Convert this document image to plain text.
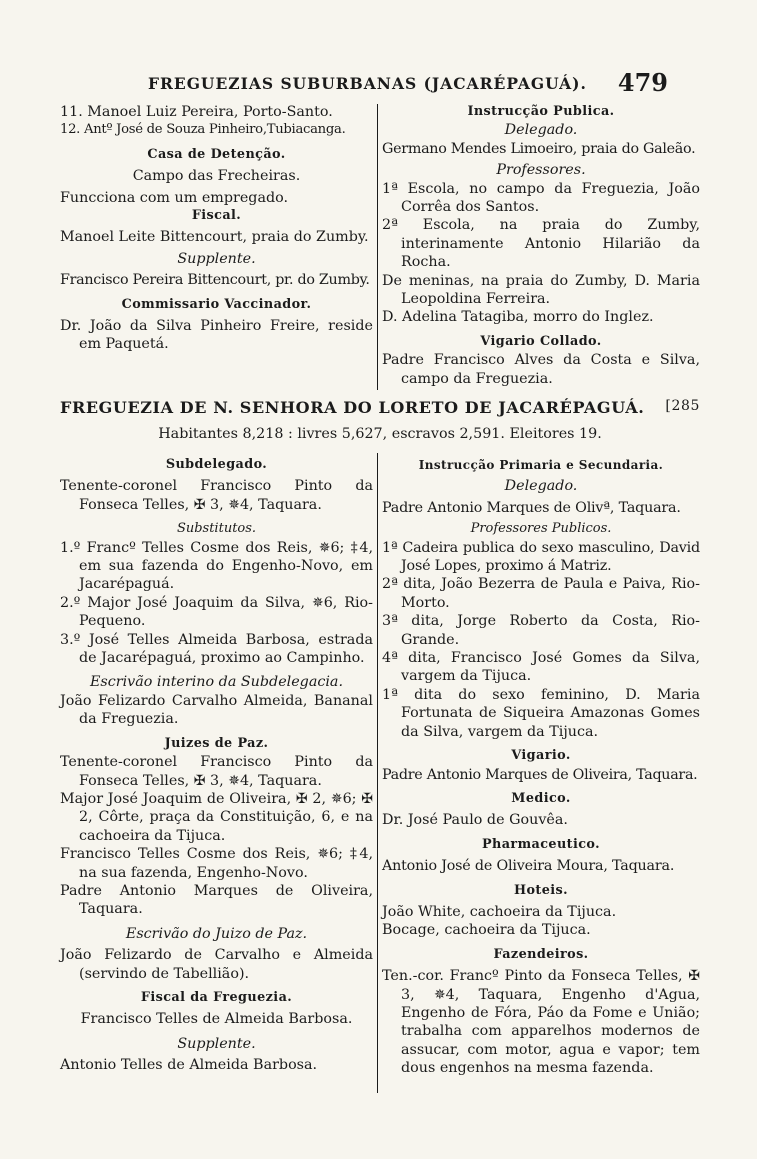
FREGUEZIAS SUBURBANAS (JACARÉPAGUÁ). 479

11. Manoel Luiz Pereira, Porto-Santo.

12. Antº José de Souza Pinheiro,Tubiacanga.

Casa de Detenção.

Campo das Frecheiras.

Funcciona com um empregado.

Fiscal.

Manoel Leite Bittencourt, praia do Zumby.

Supplente.

Francisco Pereira Bittencourt, pr. do Zumby.

Commissario Vaccinador.

Dr. João da Silva Pinheiro Freire, reside em Paquetá.

Instrucção Publica.

Delegado.

Germano Mendes Limoeiro, praia do Galeão.

Professores.

1ª Escola, no campo da Freguezia, João Corrêa dos Santos.

2ª Escola, na praia do Zumby, interinamente Antonio Hilarião da Rocha.

De meninas, na praia do Zumby, D. Maria Leopoldina Ferreira.

D. Adelina Tatagiba, morro do Inglez.

Vigario Collado.

Padre Francisco Alves da Costa e Silva, campo da Freguezia.

FREGUEZIA DE N. SENHORA DO LORETO DE JACARÉPAGUÁ. [285
Habitantes 8,218 : livres 5,627, escravos 2,591. Eleitores 19.

Subdelegado.

Tenente-coronel Francisco Pinto da Fonseca Telles, ✠ 3, ✵4, Taquara.

Substitutos.

1.º Francº Telles Cosme dos Reis, ✵6; ‡4, em sua fazenda do Engenho-Novo, em Jacarépaguá.

2.º Major José Joaquim da Silva, ✵6, Rio-Pequeno.

3.º José Telles Almeida Barbosa, estrada de Jacarépaguá, proximo ao Campinho.

Escrivão interino da Subdelegacia.

João Felizardo Carvalho Almeida, Bananal da Freguezia.

Juizes de Paz.

Tenente-coronel Francisco Pinto da Fonseca Telles, ✠ 3, ✵4, Taquara.

Major José Joaquim de Oliveira, ✠ 2, ✵6; ✠ 2, Côrte, praça da Constituição, 6, e na cachoeira da Tijuca.

Francisco Telles Cosme dos Reis, ✵6; ‡4, na sua fazenda, Engenho-Novo.

Padre Antonio Marques de Oliveira, Taquara.

Escrivão do Juizo de Paz.

João Felizardo de Carvalho e Almeida (servindo de Tabellião).

Fiscal da Freguezia.

Francisco Telles de Almeida Barbosa.

Supplente.

Antonio Telles de Almeida Barbosa.

Instrucção Primaria e Secundaria.

Delegado.

Padre Antonio Marques de Olivª, Taquara.

Professores Publicos.

1ª Cadeira publica do sexo masculino, David José Lopes, proximo á Matriz.

2ª dita, João Bezerra de Paula e Paiva, Rio-Morto.

3ª dita, Jorge Roberto da Costa, Rio-Grande.

4ª dita, Francisco José Gomes da Silva, vargem da Tijuca.

1ª dita do sexo feminino, D. Maria Fortunata de Siqueira Amazonas Gomes da Silva, vargem da Tijuca.

Vigario.

Padre Antonio Marques de Oliveira, Taquara.

Medico.

Dr. José Paulo de Gouvêa.

Pharmaceutico.

Antonio José de Oliveira Moura, Taquara.

Hoteis.

João White, cachoeira da Tijuca.

Bocage, cachoeira da Tijuca.

Fazendeiros.

Ten.-cor. Francº Pinto da Fonseca Telles, ✠ 3, ✵4, Taquara, Engenho d'Agua, Engenho de Fóra, Páo da Fome e União; trabalha com apparelhos modernos de assucar, com motor, agua e vapor; tem dous engenhos na mesma fazenda.
